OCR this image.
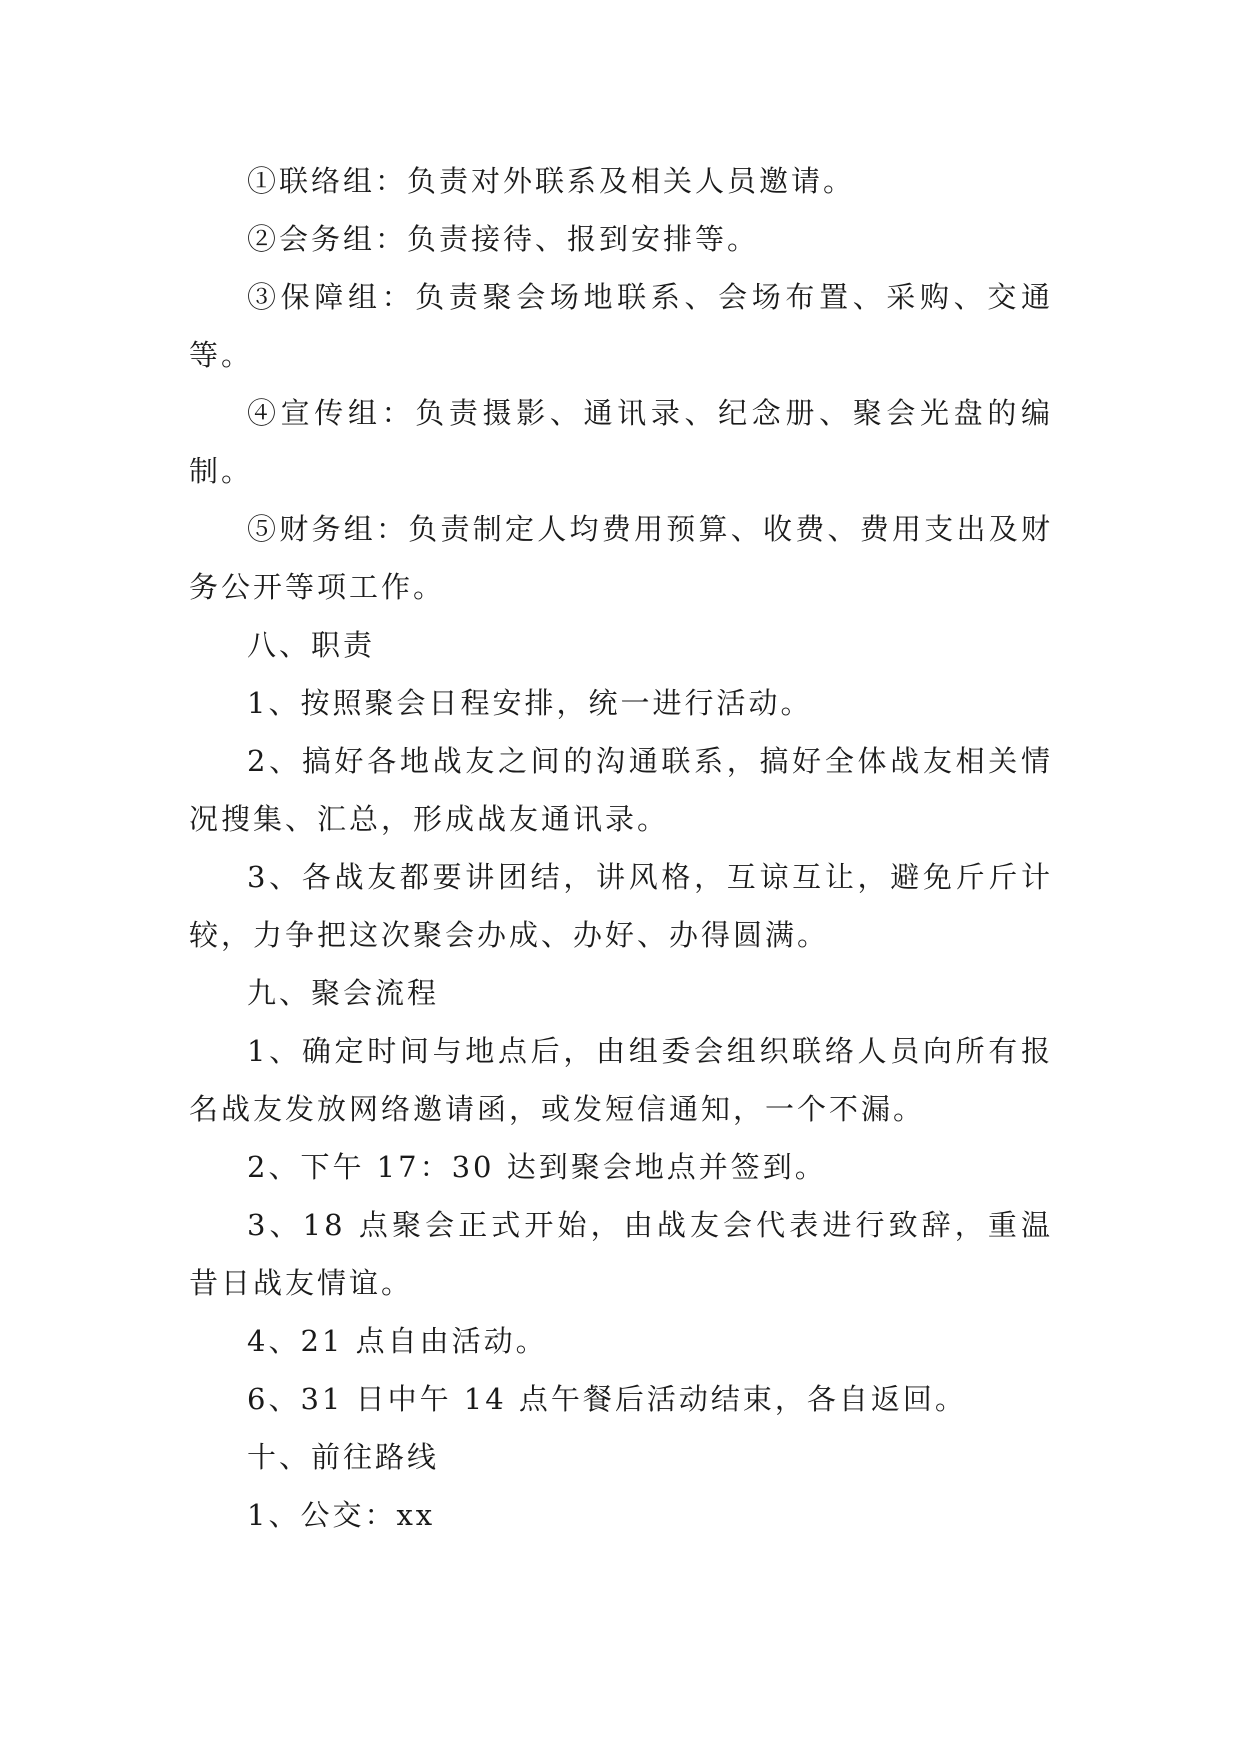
①联络组：负责对外联系及相关人员邀请。

②会务组：负责接待、报到安排等。

③保障组：负责聚会场地联系、会场布置、采购、交通等。

④宣传组：负责摄影、通讯录、纪念册、聚会光盘的编制。

⑤财务组：负责制定人均费用预算、收费、费用支出及财务公开等项工作。

八、职责

1、按照聚会日程安排，统一进行活动。

2、搞好各地战友之间的沟通联系，搞好全体战友相关情况搜集、汇总，形成战友通讯录。

3、各战友都要讲团结，讲风格，互谅互让，避免斤斤计较，力争把这次聚会办成、办好、办得圆满。

九、聚会流程

1、确定时间与地点后，由组委会组织联络人员向所有报名战友发放网络邀请函，或发短信通知，一个不漏。

2、下午 17：30 达到聚会地点并签到。

3、18 点聚会正式开始，由战友会代表进行致辞，重温昔日战友情谊。

4、21 点自由活动。

6、31 日中午 14 点午餐后活动结束，各自返回。

十、前往路线

1、公交：xx
